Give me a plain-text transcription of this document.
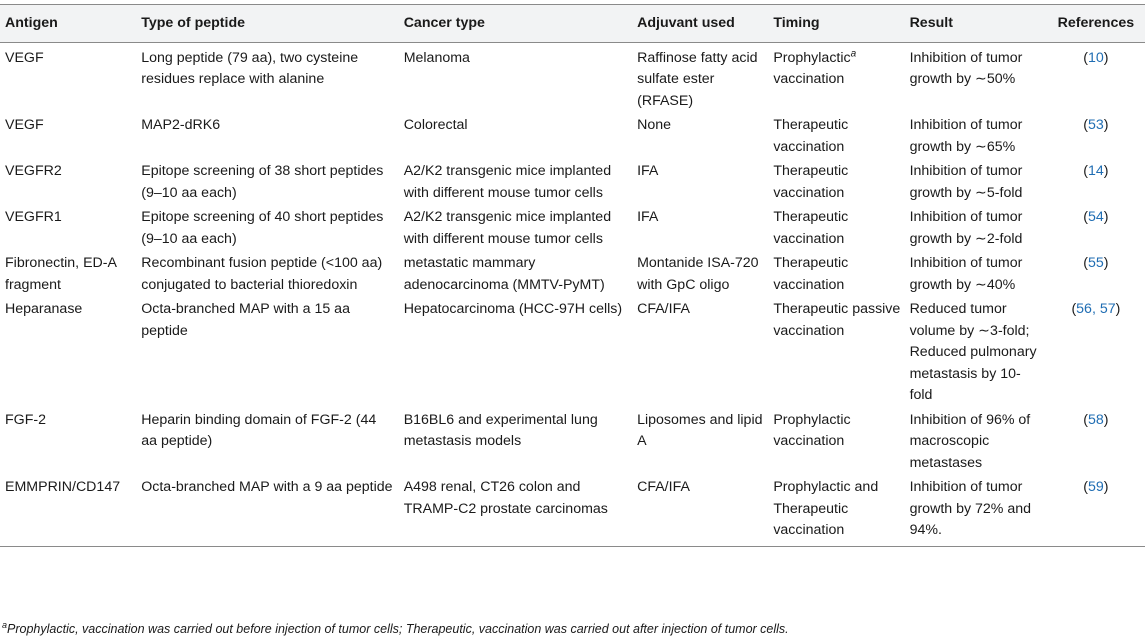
Antigen	Type of peptide	Cancer type	Adjuvant used	Timing	Result	References
VEGF	Long peptide (79 aa), two cysteine residues replace with alanine	Melanoma	Raffinose fatty acid sulfate ester (RFASE)	Prophylactic$^a$ vaccination	Inhibition of tumor growth by ∼50%	(10)
VEGF	MAP2-dRK6	Colorectal	None	Therapeutic vaccination	Inhibition of tumor growth by ∼65%	(53)
VEGFR2	Epitope screening of 38 short peptides (9–10 aa each)	A2/K2 transgenic mice implanted with different mouse tumor cells	IFA	Therapeutic vaccination	Inhibition of tumor growth by ∼5-fold	(14)
VEGFR1	Epitope screening of 40 short peptides (9–10 aa each)	A2/K2 transgenic mice implanted with different mouse tumor cells	IFA	Therapeutic vaccination	Inhibition of tumor growth by ∼2-fold	(54)
Fibronectin, ED-A fragment	Recombinant fusion peptide (<100 aa) conjugated to bacterial thioredoxin	metastatic mammary adenocarcinoma (MMTV-PyMT)	Montanide ISA-720 with GpC oligo	Therapeutic vaccination	Inhibition of tumor growth by ∼40%	(55)
Heparanase	Octa-branched MAP with a 15 aa peptide	Hepatocarcinoma (HCC-97H cells)	CFA/IFA	Therapeutic passive vaccination	Reduced tumor volume by ∼3-fold; Reduced pulmonary metastasis by 10-fold	(56, 57)
FGF-2	Heparin binding domain of FGF-2 (44 aa peptide)	B16BL6 and experimental lung metastasis models	Liposomes and lipid A	Prophylactic vaccination	Inhibition of 96% of macroscopic metastases	(58)
EMMPRIN/CD147	Octa-branched MAP with a 9 aa peptide	A498 renal, CT26 colon and TRAMP-C2 prostate carcinomas	CFA/IFA	Prophylactic and Therapeutic vaccination	Inhibition of tumor growth by 72% and 94%.	(59)
$^a$Prophylactic, vaccination was carried out before injection of tumor cells; Therapeutic, vaccination was carried out after injection of tumor cells.
